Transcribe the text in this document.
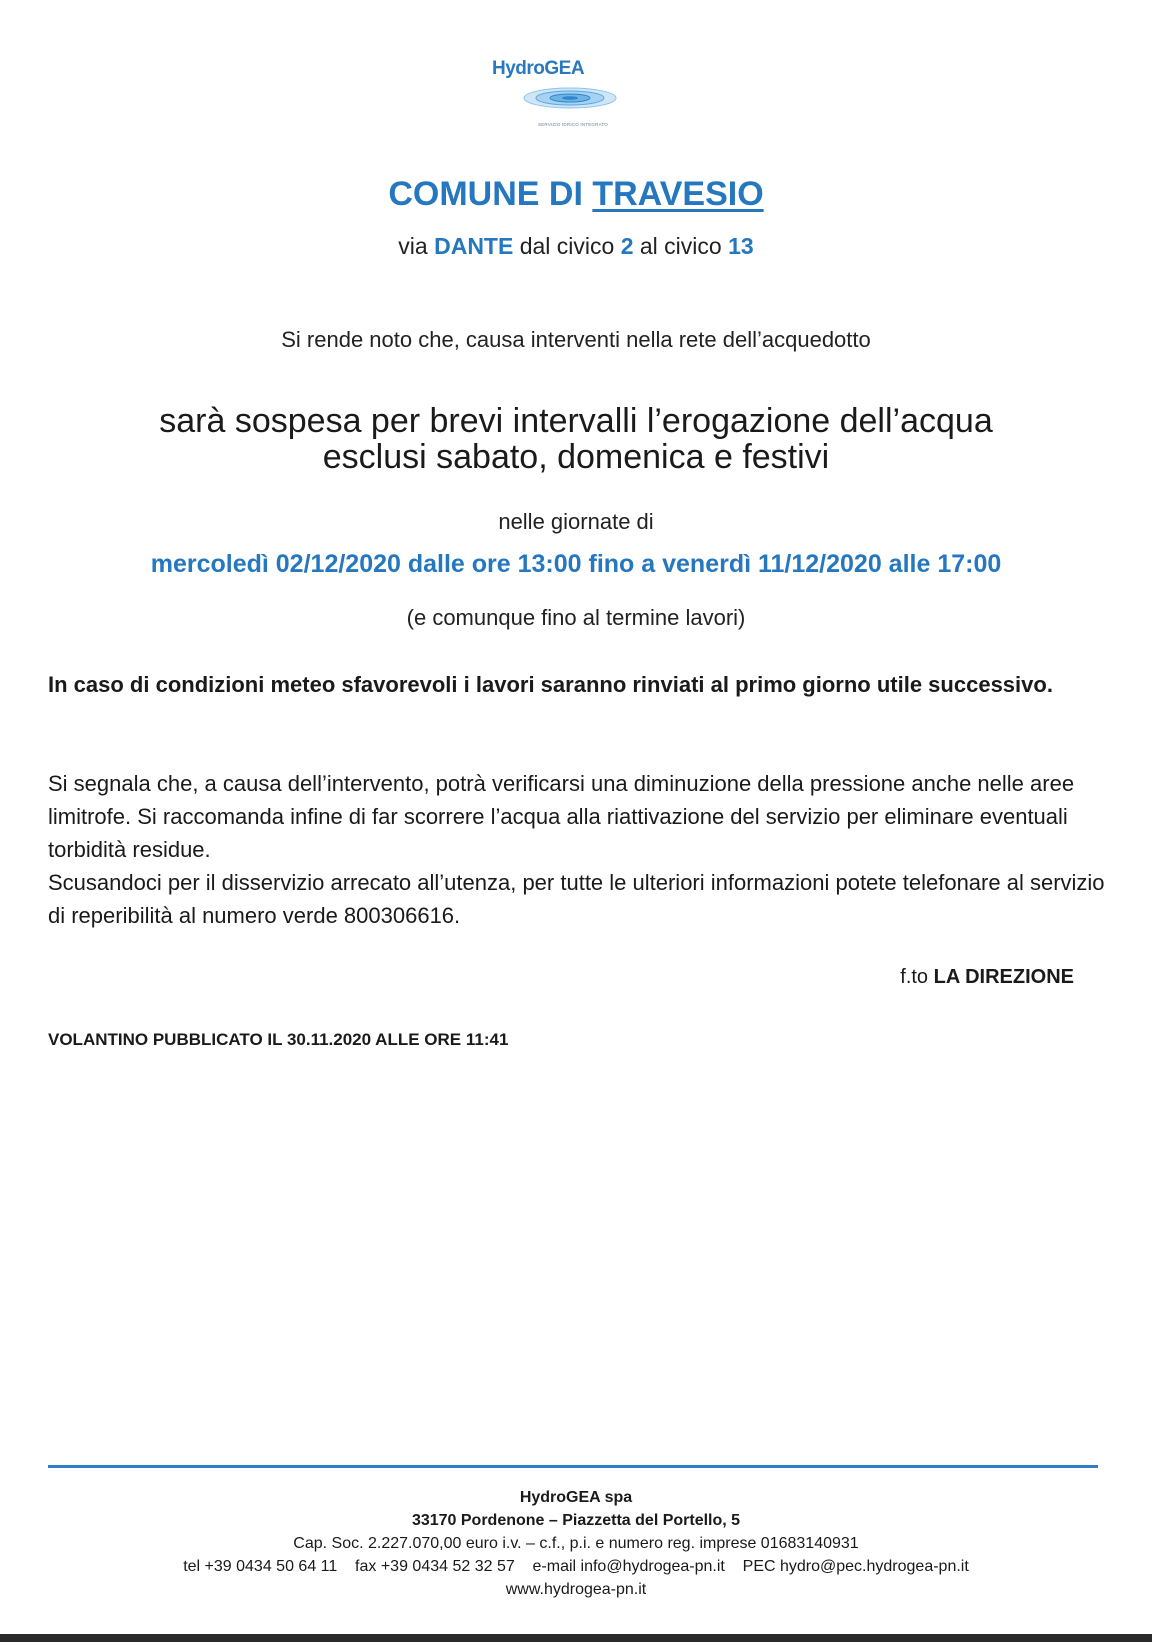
HydroGEA
SERVIZIO IDRICO INTEGRATO
COMUNE DI TRAVESIO
via DANTE dal civico 2 al civico 13
Si rende noto che, causa interventi nella rete dell’acquedotto
sarà sospesa per brevi intervalli l’erogazione dell’acqua
esclusi sabato, domenica e festivi
nelle giornate di
mercoledì 02/12/2020 dalle ore 13:00 fino a venerdì 11/12/2020 alle 17:00
(e comunque fino al termine lavori)
In caso di condizioni meteo sfavorevoli i lavori saranno rinviati al primo giorno utile successivo.
Si segnala che, a causa dell’intervento, potrà verificarsi una diminuzione della pressione anche nelle aree limitrofe. Si raccomanda infine di far scorrere l’acqua alla riattivazione del servizio per eliminare eventuali torbidità residue.
Scusandoci per il disservizio arrecato all’utenza, per tutte le ulteriori informazioni potete telefonare al servizio di reperibilità al numero verde 800306616.
f.to LA DIREZIONE
VOLANTINO PUBBLICATO IL 30.11.2020 ALLE ORE 11:41
HydroGEA spa
33170 Pordenone – Piazzetta del Portello, 5
Cap. Soc. 2.227.070,00 euro i.v. – c.f., p.i. e numero reg. imprese 01683140931
tel +39 0434 50 64 11    fax +39 0434 52 32 57    e-mail info@hydrogea-pn.it    PEC hydro@pec.hydrogea-pn.it
www.hydrogea-pn.it
